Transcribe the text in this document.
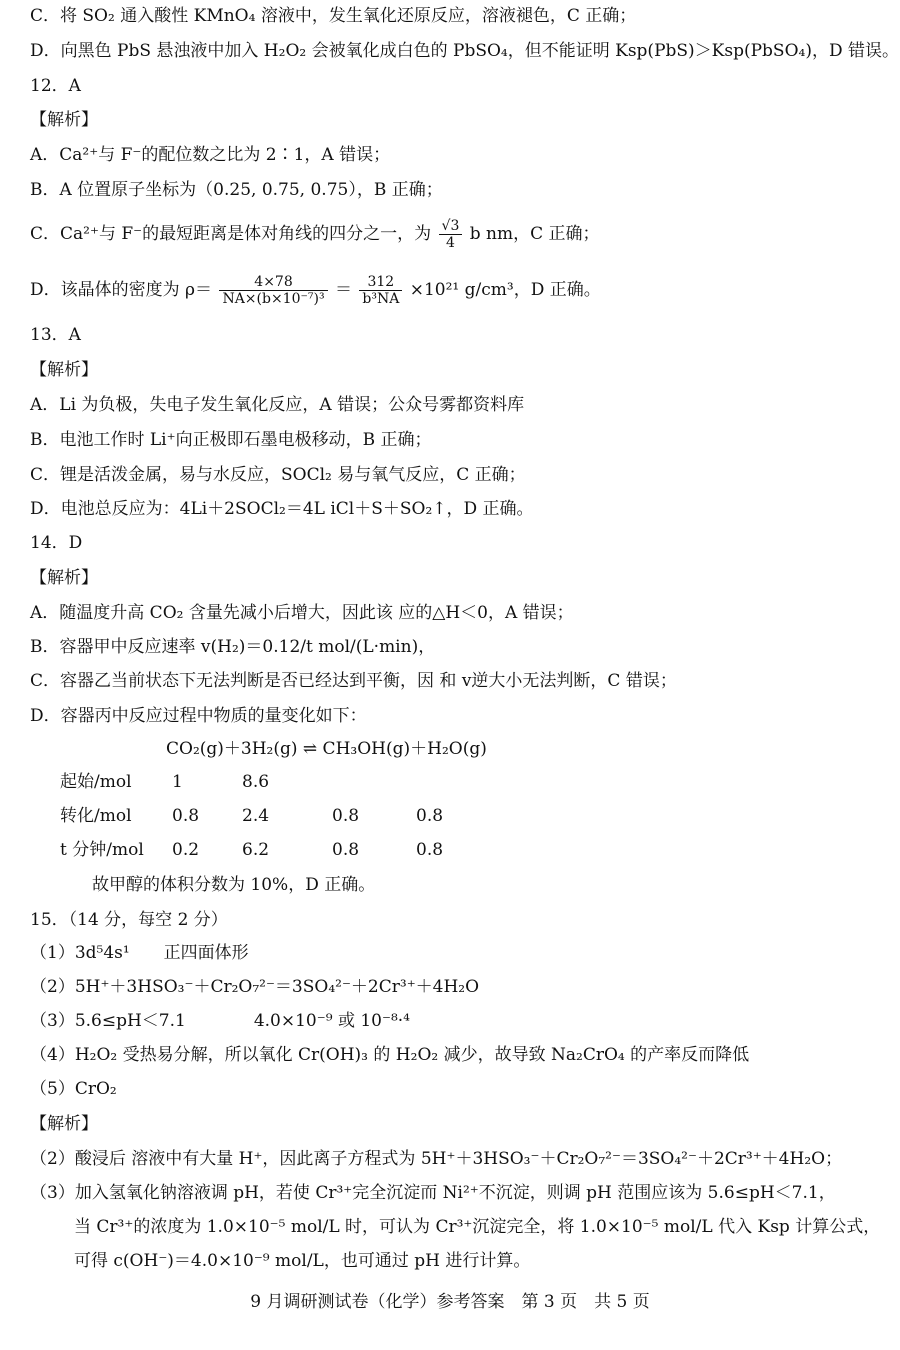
C．将 SO₂ 通入酸性 KMnO₄ 溶液中，发生氧化还原反应，溶液褪色，C 正确；
D．向黑色 PbS 悬浊液中加入 H₂O₂ 会被氧化成白色的 PbSO₄，但不能证明 Ksp(PbS)＞Ksp(PbSO₄)，D 错误。
12．A
【解析】
A．Ca²⁺与 F⁻的配位数之比为 2∶1，A 错误；
B．A 位置原子坐标为（0.25, 0.75, 0.75），B 正确；
C．Ca²⁺与 F⁻的最短距离是体对角线的四分之一，为 $\frac{√3}{4}$ b nm，C 正确；
D．该晶体的密度为 $\rho= \frac{4\times 78}{\text{NA×(b×10⁻⁷)³}} = \frac{312}{\text{b³NA}} \times 10^{21}$ g/cm³，D 正确。
13．A
【解析】
A．Li 为负极，失电子发生氧化反应，A 错误；公众号雾都资料库
B．电池工作时 Li⁺向正极即石墨电极移动，B 正确；
C．锂是活泼金属，易与水反应，SOCl₂ 易与氧气反应，C 正确；
D．电池总反应为：4Li＋2SOCl₂＝4L iCl＋S＋SO₂↑，D 正确。
14．D
【解析】
A．随温度升高 CO₂ 含量先减小后增大，因此该 应的△H＜0，A 错误；
B．容器甲中反应速率 v(H₂)＝0.12/t mol/(L·min)，
C．容器乙当前状态下无法判断是否已经达到平衡，因 和 v逆大小无法判断，C 错误；
D．容器丙中反应过程中物质的量变化如下：
CO₂(g)＋3H₂(g) ⇌ CH₃OH(g)＋H₂O(g)
起始/mol 1	8.6
转化/mol 0.8	2.4	0.8	0.8
t 分钟/mol 0.2	6.2	0.8	0.8
故甲醇的体积分数为 10%，D 正确。
15．（14 分，每空 2 分）
（1）3d⁵4s¹　　正四面体形
（2）5H⁺＋3HSO₃⁻＋Cr₂O₇²⁻＝3SO₄²⁻＋2Cr³⁺＋4H₂O
（3）5.6≤pH＜7.1　　　　4.0×10⁻⁹ 或 10⁻⁸·⁴
（4）H₂O₂ 受热易分解，所以氧化 Cr(OH)₃ 的 H₂O₂ 减少，故导致 Na₂CrO₄ 的产率反而降低
（5）CrO₂
【解析】
（2）酸浸后 溶液中有大量 H⁺，因此离子方程式为 5H⁺＋3HSO₃⁻＋Cr₂O₇²⁻＝3SO₄²⁻＋2Cr³⁺＋4H₂O；
（3）加入氢氧化钠溶液调 pH，若使 Cr³⁺完全沉淀而 Ni²⁺不沉淀，则调 pH 范围应该为 5.6≤pH＜7.1，
当 Cr³⁺的浓度为 1.0×10⁻⁵ mol/L 时，可认为 Cr³⁺沉淀完全，将 1.0×10⁻⁵ mol/L 代入 Ksp 计算公式，
可得 c(OH⁻)＝4.0×10⁻⁹ mol/L，也可通过 pH 进行计算。
9 月调研测试卷（化学）参考答案　第 3 页　共 5 页
